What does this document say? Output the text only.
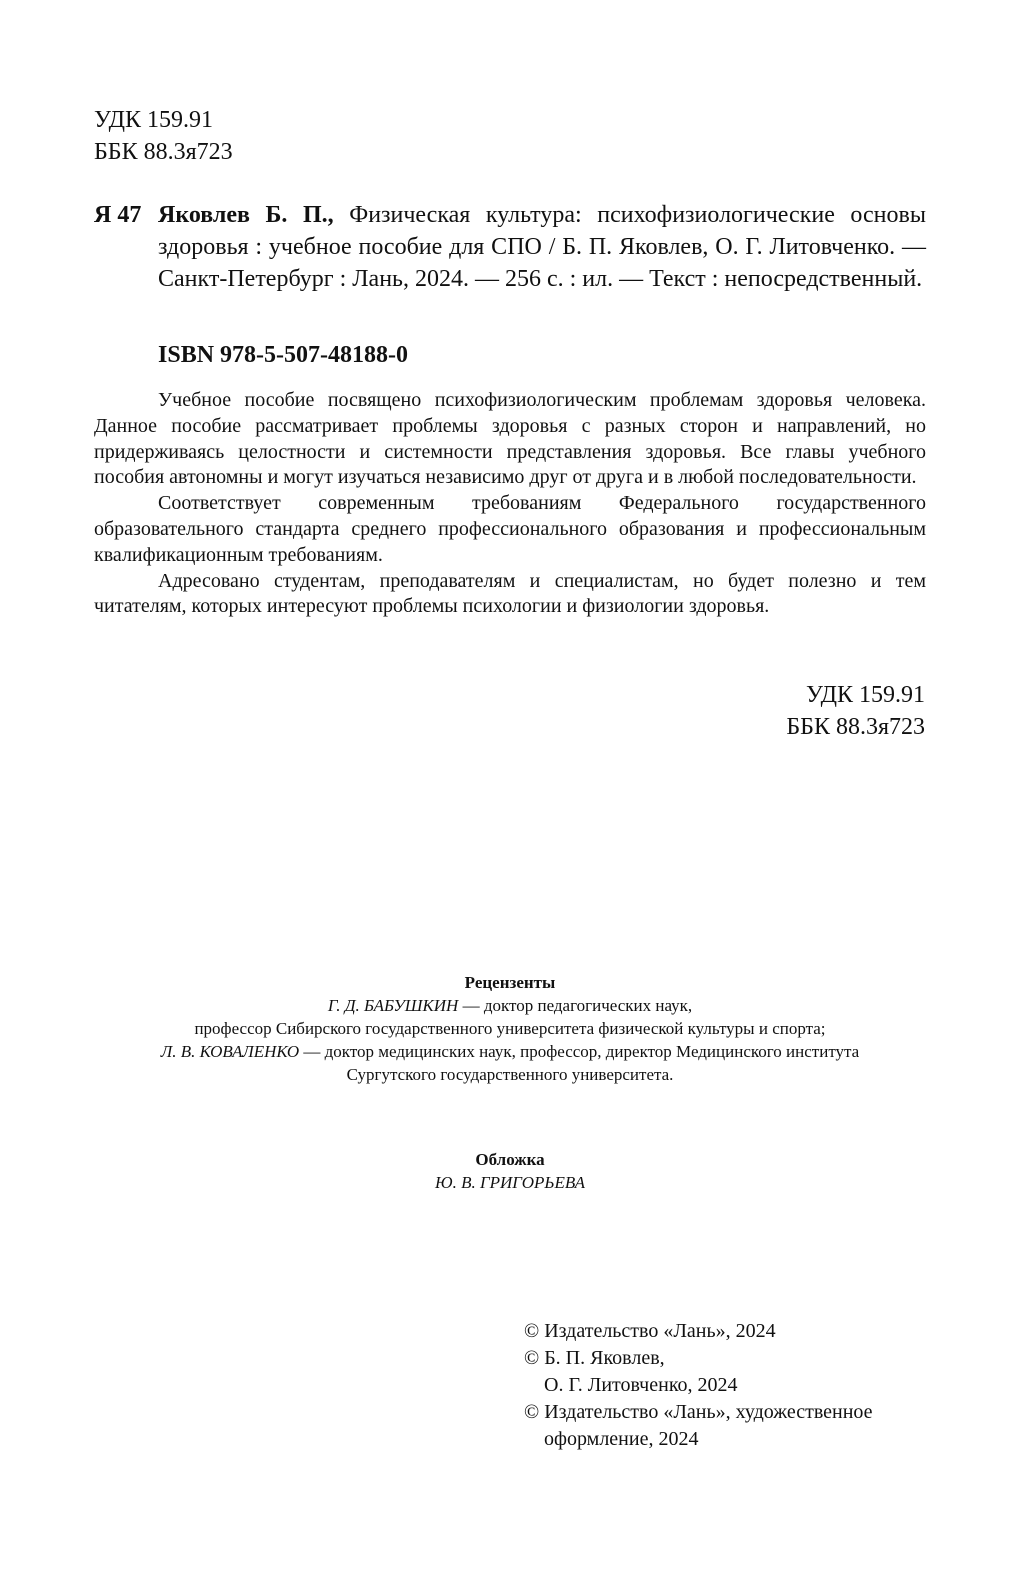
УДК 159.91
ББК 88.3я723
Я 47 Яковлев Б. П., Физическая культура: психофизиологические основы здоровья : учебное пособие для СПО / Б. П. Яковлев, О. Г. Литовченко. — Санкт-Петербург : Лань, 2024. — 256 с. : ил. — Текст : непосредственный.
ISBN 978-5-507-48188-0

Учебное пособие посвящено психофизиологическим проблемам здоровья человека. Данное пособие рассматривает проблемы здоровья с разных сторон и направлений, но придерживаясь целостности и системности представления здоровья. Все главы учебного пособия автономны и могут изучаться независимо друг от друга и в любой последовательности.

Соответствует современным требованиям Федерального государственного образовательного стандарта среднего профессионального образования и профессиональным квалификационным требованиям.

Адресовано студентам, преподавателям и специалистам, но будет полезно и тем читателям, которых интересуют проблемы психологии и физиологии здоровья.

УДК 159.91
ББК 88.3я723
Рецензенты
Г. Д. БАБУШКИН — доктор педагогических наук,
профессор Сибирского государственного университета физической культуры и спорта;
Л. В. КОВАЛЕНКО — доктор медицинских наук, профессор, директор Медицинского института
Сургутского государственного университета.
Обложка
Ю. В. ГРИГОРЬЕВА
© Издательство «Лань», 2024
© Б. П. Яковлев,
О. Г. Литовченко, 2024
© Издательство «Лань», художественное
оформление, 2024
